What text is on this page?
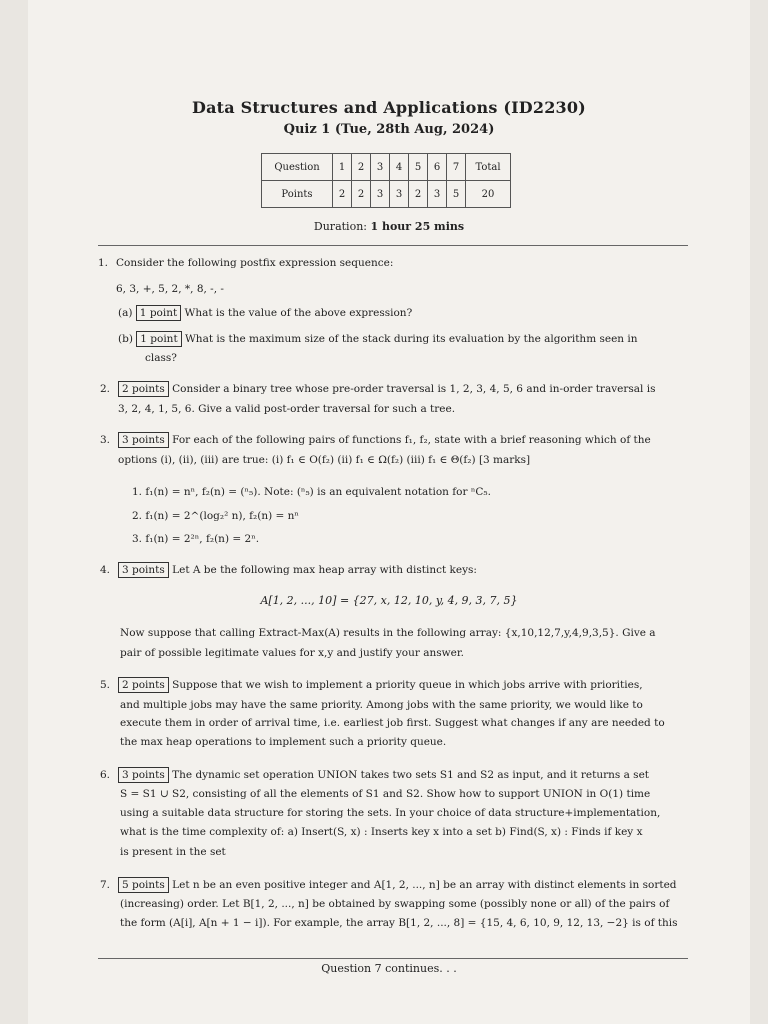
Data Structures and Applications (ID2230)
Quiz 1 (Tue, 28th Aug, 2024)
Question	1	2	3	4	5	6	7	Total
Points	2	2	3	3	2	3	5	20
Duration: 1 hour 25 mins
1. Consider the following postfix expression sequence:
6, 3, +, 5, 2, *, 8, -, -
(a) 1 point What is the value of the above expression?
(b) 1 point What is the maximum size of the stack during its evaluation by the algorithm seen in
class?
2. 2 points Consider a binary tree whose pre-order traversal is 1, 2, 3, 4, 5, 6 and in-order traversal is
3, 2, 4, 1, 5, 6. Give a valid post-order traversal for such a tree.
3. 3 points For each of the following pairs of functions f₁, f₂, state with a brief reasoning which of the
options (i), (ii), (iii) are true: (i) f₁ ∈ O(f₂) (ii) f₁ ∈ Ω(f₂) (iii) f₁ ∈ Θ(f₂) [3 marks]
1. f₁(n) = nⁿ, f₂(n) = (ⁿ₅). Note: (ⁿ₅) is an equivalent notation for ⁿC₅.
2. f₁(n) = 2^(log₂² n), f₂(n) = nⁿ
3. f₁(n) = 2²ⁿ, f₂(n) = 2ⁿ.
4. 3 points Let A be the following max heap array with distinct keys:
A[1, 2, ..., 10] = {27, x, 12, 10, y, 4, 9, 3, 7, 5}
Now suppose that calling Extract-Max(A) results in the following array: {x,10,12,7,y,4,9,3,5}. Give a
pair of possible legitimate values for x,y and justify your answer.
5. 2 points Suppose that we wish to implement a priority queue in which jobs arrive with priorities,
and multiple jobs may have the same priority. Among jobs with the same priority, we would like to
execute them in order of arrival time, i.e. earliest job first. Suggest what changes if any are needed to
the max heap operations to implement such a priority queue.
6. 3 points The dynamic set operation UNION takes two sets S1 and S2 as input, and it returns a set
S = S1 ∪ S2, consisting of all the elements of S1 and S2. Show how to support UNION in O(1) time
using a suitable data structure for storing the sets. In your choice of data structure+implementation,
what is the time complexity of: a) Insert(S, x) : Inserts key x into a set b) Find(S, x) : Finds if key x
is present in the set
7. 5 points Let n be an even positive integer and A[1, 2, ..., n] be an array with distinct elements in sorted
(increasing) order. Let B[1, 2, ..., n] be obtained by swapping some (possibly none or all) of the pairs of
the form (A[i], A[n + 1 − i]). For example, the array B[1, 2, ..., 8] = {15, 4, 6, 10, 9, 12, 13, −2} is of this
Question 7 continues. . .
